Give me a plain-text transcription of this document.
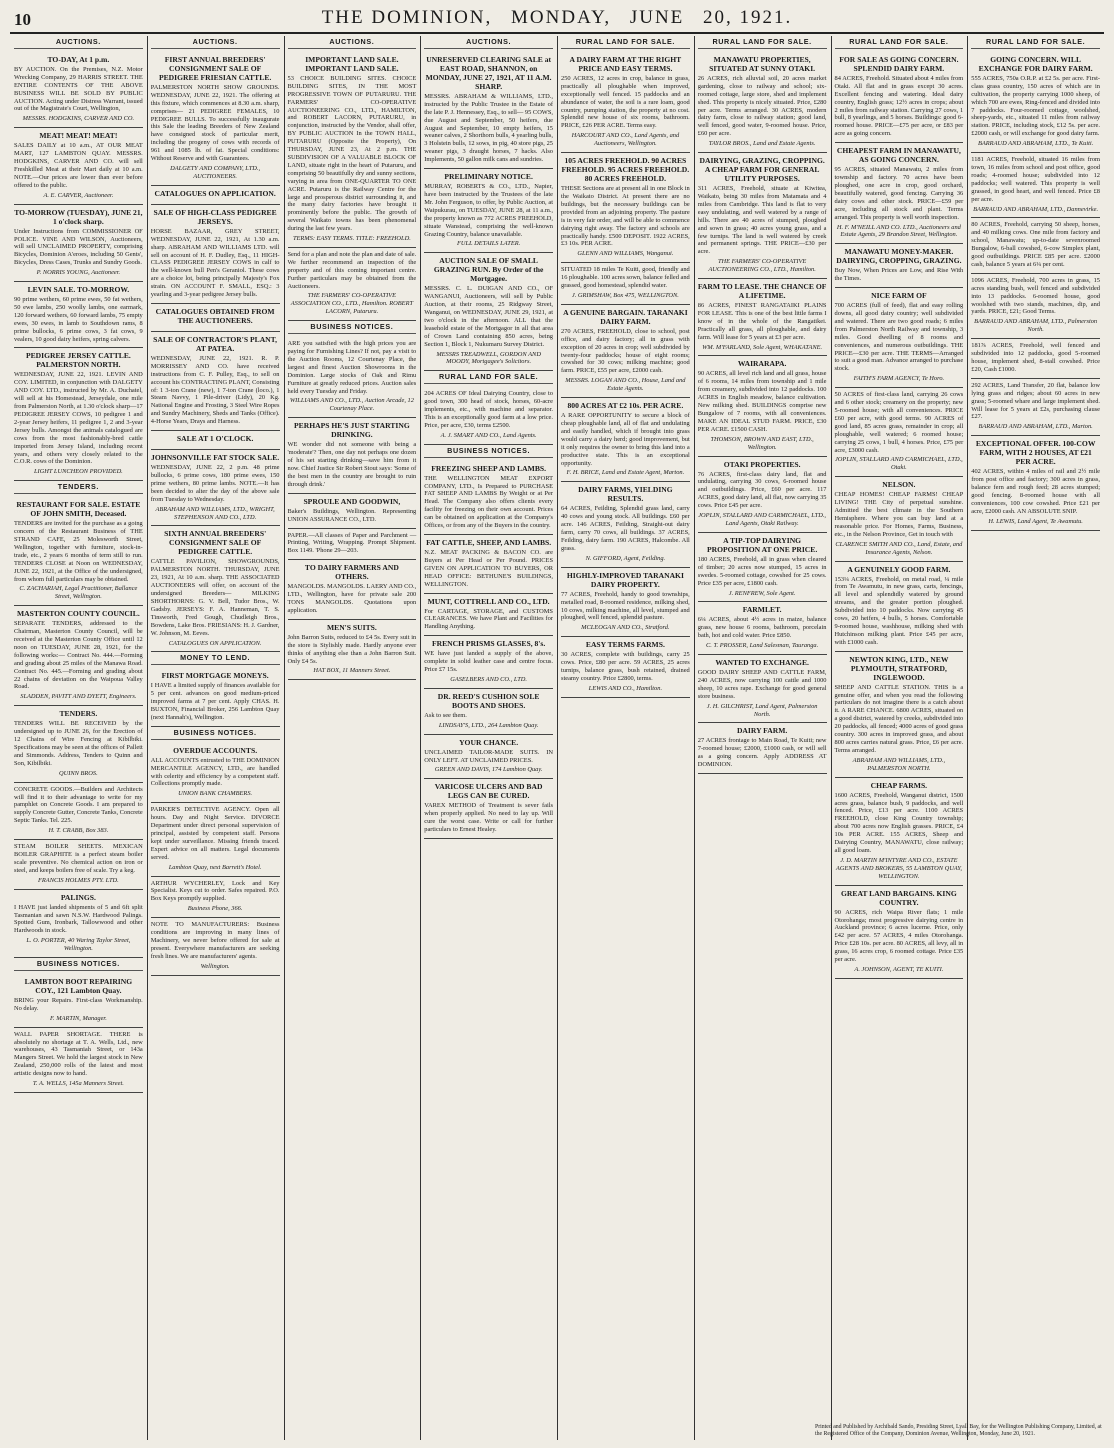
10	THE DOMINION, MONDAY, JUNE 20, 1921.
AUCTIONS.
TO-DAY, At 1 p.m.

BY AUCTION. On the Premises, N.Z. Motor Wrecking Company, 29 HARRIS STREET. THE ENTIRE CONTENTS OF THE ABOVE BUSINESS WILL BE SOLD BY PUBLIC AUCTION. Acting under Distress Warrant, issued out of the Magistrate's Court, Wellington,

MESSRS. HODGKINS, CARVER AND CO.
MEAT! MEAT! MEAT!

SALES DAILY at 10 a.m., AT OUR MEAT MART, 127 LAMBTON QUAY. MESSRS. HODGKINS, CARVER AND CO. will sell Freshkilled Meat at their Mart daily at 10 a.m. NOTE.—Our prices are lower than ever before offered to the public.

A. E. CARVER, Auctioneer.
TO-MORROW (TUESDAY), JUNE 21, 1 o'clock sharp.

Under Instructions from COMMISSIONER OF POLICE. VINE AND WILSON, Auctioneers, will sell UNCLAIMED PROPERTY, comprising Bicycles, Dominion A'eroes, including 50 Gents', Bicycles, Dress Cases, Trunks and Sundry Goods.

P. NORRIS YOUNG, Auctioneer.
LEVIN SALE. TO-MORROW.

90 prime wethers, 60 prime ewes, 50 fat wethers, 50 ewe lambs, 250 woolly lambs, one earmark, 120 forward wethers, 60 forward lambs, 75 empty ewes, 30 ewes, in lamb to Southdown rams, 8 prime bullocks, 6 prime cows, 3 fat cows, 9 vealers, 10 good dairy heifers, spring calvers.

PEDIGREE JERSEY CATTLE. PALMERSTON NORTH.

WEDNESDAY, JUNE 22, 1921. LEVIN AND COY. LIMITED, in conjunction with DALGETY AND COY. LTD., instructed by Mr. A. Duchatel, will sell at his Homestead, Jerseydale, one mile from Palmerston North, at 1.30 o'clock sharp—17 PEDIGREE JERSEY COWS, 10 pedigree 1 and 2-year Jersey heifers, 11 pedigree 1, 2 and 3-year Jersey bulls. Amongst the animals catalogued are cows from the most fashionably-bred cattle imported from Jersey Island, including recent years, and others very closely related to the C.O.R. cows of the Dominion.

LIGHT LUNCHEON PROVIDED.
TENDERS.
RESTAURANT FOR SALE. ESTATE OF JOHN SMITH, Deceased.

TENDERS are invited for the purchase as a going concern of the Restaurant Business of THE STRAND CAFE, 25 Molesworth Street, Wellington, together with furniture, stock-in-trade, etc., 2 years 6 months of term still to run. TENDERS CLOSE at Noon on WEDNESDAY, JUNE 22, 1921, at the Office of the undersigned, from whom full particulars may be obtained.

C. ZACHARIAH, Legal Practitioner, Ballance Street, Wellington.
MASTERTON COUNTY COUNCIL.

SEPARATE TENDERS, addressed to the Chairman, Masterton County Council, will be received at the Masterton County Office until 12 noon on TUESDAY, JUNE 28, 1921, for the following works:— Contract No. 444.—Forming and grading about 25 miles of the Manawa Road. Contract No. 445.—Forming and grading about 22 chains of deviation on the Waipoua Valley Road.

SLADDEN, PAVITT AND DYETT, Engineers.
TENDERS.

TENDERS WILL BE RECEIVED by the undersigned up to JUNE 26, for the Erection of 12 Chains of Wire Fencing at Kibilbiki. Specifications may be seen at the offices of Pallett and Simmonds. Address, Tenders to Quinn and Son, Kibilbiki.

QUINN BROS.

CONCRETE GOODS.—Builders and Architects will find it to their advantage to write for my pamphlet on Concrete Goods. I am prepared to supply Concrete Gutter, Concrete Tanks, Concrete Septic Tanks. Tel. 225.

H. T. CRABB, Box 383.

STEAM BOILER SHEETS. MEXICAN BOILER GRAPHITE is a perfect steam boiler scale preventive. No chemical action on iron or steel, and keeps boilers free of scale. Try a keg.

FRANCIS HOLMES PTY. LTD.
PALINGS.

I HAVE just landed shipments of 5 and 6ft split Tasmanian and sawn N.S.W. Hardwood Palings. Spotted Gum, Ironbark, Tallowwood and other Hardwoods in stock.

L. O. PORTER, 40 Waring Taylor Street, Wellington.
BUSINESS NOTICES.
LAMBTON BOOT REPAIRING COY., 121 Lambton Quay.

BRING your Repairs. First-class Workmanship. No delay.

F. MARTIN, Manager.

WALL PAPER SHORTAGE. THERE is absolutely no shortage at T. A. Wells, Ltd., new warehouses, 43 Tasmaniah Street, or 143a Mangers Street. We hold the largest stock in New Zealand, 250,000 rolls of the latest and most artistic designs now to hand.

T. A. WELLS, 145a Manners Street.
AUCTIONS.
FIRST ANNUAL BREEDERS' CONSIGNMENT SALE OF PEDIGREE FRIESIAN CATTLE.

PALMERSTON NORTH SHOW GROUNDS. WEDNESDAY, JUNE 22, 1921. The offering at this fixture, which commences at 8.30 a.m. sharp, comprises— 21 PEDIGREE FEMALES, 10 PEDIGREE BULLS. To successfully inaugurate this Sale the leading Breeders of New Zealand have consigned stock of particular merit, including the progeny of cows with records of 961 and 1085 lb. of fat. Special conditions: Without Reserve and with Guarantees.

DALGETY AND COMPANY, LTD., AUCTIONEERS.
CATALOGUES ON APPLICATION.
SALE OF HIGH-CLASS PEDIGREE JERSEYS.

HORSE BAZAAR, GREY STREET, WEDNESDAY, JUNE 22, 1921, At 1.30 a.m. sharp. ABRAHAM AND WILLIAMS LTD. will sell on account of H. F. Dudley, Esq., 11 HIGH-CLASS PEDIGREE JERSEY COWS in calf to the well-known bull Pen's Geraniol. These cows are a choice lot, being principally Majesty's Fox strain. ON ACCOUNT F. SMALL, ESQ.: 3 yearling and 3-year pedigree Jersey bulls.

CATALOGUES OBTAINED FROM THE AUCTIONEERS.
SALE OF CONTRACTOR'S PLANT, AT PATEA.

WEDNESDAY, JUNE 22, 1921. R. P. MORRISSEY AND CO. have received instructions from C. F. Pulley, Esq., to sell on account his CONTRACTING PLANT, Consisting of: 1 3-ton Crane (new), 1 7-ton Crane (loco.), 1 Steam Navvy, 1 Pile-driver (Lidy), 20 Kg. National Engine and Frosting, 3 Steel Wire Ropes and Sundry Machinery, Sheds and Tanks (Office). 4-Horse Years, Drays and Harness.

SALE AT 1 O'CLOCK.
JOHNSONVILLE FAT STOCK SALE.

WEDNESDAY, JUNE 22, 2 p.m. 48 prime bullocks, 6 prime cows, 180 prime ewes, 150 prime wethers, 80 prime lambs. NOTE.—It has been decided to alter the day of the above sale from Tuesday to Wednesday.

ABRAHAM AND WILLIAMS, LTD., WRIGHT, STEPHENSON AND CO., LTD.
SIXTH ANNUAL BREEDERS' CONSIGNMENT SALE OF PEDIGREE CATTLE.

CATTLE PAVILION, SHOWGROUNDS, PALMERSTON NORTH. THURSDAY, JUNE 23, 1921, At 10 a.m. sharp. THE ASSOCIATED AUCTIONEERS will offer, on account of the undersigned Breeders— MILKING SHORTHORNS: G. V. Bell, Tudor Bros., W. Gadsby. JERSEYS: F. A. Hanneman, T. S. Tinsworth, Fred Gough, Chudleigh Bros., Bowdens, Lake Bros. FRIESIANS: H. J. Gardner, W. Johnson, M. Eeves.

CATALOGUES ON APPLICATION.
MONEY TO LEND.
FIRST MORTGAGE MONEYS.

I HAVE a limited supply of finances available for 5 per cent. advances on good medium-priced improved farms at 7 per cent. Apply CHAS. H. BUXTON, Financial Broker, 256 Lambton Quay (next Hannah's), Wellington.

BUSINESS NOTICES.
OVERDUE ACCOUNTS.

ALL ACCOUNTS entrusted to THE DOMINION MERCANTILE AGENCY, LTD., are handled with celerity and efficiency by a competent staff. Collections promptly made.

UNION BANK CHAMBERS.

PARKER'S DETECTIVE AGENCY. Open all hours. Day and Night Service. DIVORCE Department under direct personal supervision of principal, assisted by competent staff. Persons kept under surveillance. Missing friends traced. Expert advice on all matters. Legal documents served.

Lambton Quay, next Barrett's Hotel.

ARTHUR WYCHERLEY, Lock and Key Specialist. Keys cut to order. Safes repaired. P.O. Box Keys promptly supplied.

Business Phone, 366.

NOTE TO MANUFACTURERS: Business conditions are improving in many lines of Machinery, we never before offered for sale at present. Everywhere manufacturers are seeking fresh lines. We are manufacturers' agents.

Wellington.
AUCTIONS.
IMPORTANT LAND SALE. IMPORTANT LAND SALE.

53 CHOICE BUILDING SITES. CHOICE BUILDING SITES, IN THE MOST PROGRESSIVE TOWN OF PUTARURU. THE FARMERS' CO-OPERATIVE AUCTIONEERING CO., LTD., HAMILTON, and ROBERT LACORN, PUTARURU, in conjunction, instructed by the Vendor, shall offer, BY PUBLIC AUCTION In the TOWN HALL, PUTARURU (Opposite the Property), On THURSDAY, JUNE 23, At 2 p.m. THE SUBDIVISION OF A VALUABLE BLOCK OF LAND, situate right in the heart of Putaruru, and comprising 50 beautifully dry and sunny sections, varying in area from ONE-QUARTER TO ONE ACRE. Putaruru is the Railway Centre for the large and prosperous district surrounding it, and the many dairy factories have brought it prominently before the public. The growth of several Waikato towns has been phenomenal during the last few years.

TERMS: EASY TERMS. TITLE: FREEHOLD.

Send for a plan and note the plan and date of sale. We further recommend an inspection of the property and of this coming important centre. Further particulars may be obtained from the Auctioneers.

THE FARMERS' CO-OPERATIVE ASSOCIATION CO., LTD., Hamilton. ROBERT LACORN, Putaruru.
BUSINESS NOTICES.

ARE you satisfied with the high prices you are paying for Furnishing Lines? If not, pay a visit to the Auction Rooms, 12 Courtenay Place, the largest and finest Auction Showrooms in the Dominion. Large stocks of Oak and Rimu Furniture at greatly reduced prices. Auction sales held every Tuesday and Friday.

WILLIAMS AND CO., LTD., Auction Arcade, 12 Courtenay Place.
PERHAPS HE'S JUST STARTING DRINKING.

WE wonder did not someone with being a 'moderate'? Then, one day not perhaps one dozen of his set starting drinking—save him from it now. Chief Justice Sir Robert Stout says: 'Some of the best men in the country are brought to ruin through drink.'

SPROULE AND GOODWIN,

Baker's Buildings, Wellington. Representing UNION ASSURANCE CO., LTD.

PAPER.—All classes of Paper and Parchment — Printing, Writing, Wrapping. Prompt Shipment. Box 1149. 'Phone 29—203.

TO DAIRY FARMERS AND OTHERS.

MANGOLDS. MANGOLDS. LAERY AND CO., LTD., Wellington, have for private sale 200 TONS MANGOLDS. Quotations upon application.

MEN'S SUITS.

John Barron Suits, reduced to £4 5s. Every suit in the store is Stylishly made. Hardly anyone ever thinks of anything else than a John Barron Suit. Only £4 5s.

HAT BOX, 11 Manners Street.
AUCTIONS.
UNRESERVED CLEARING SALE at EAST ROAD, SHANNON, on MONDAY, JUNE 27, 1921, AT 11 A.M. SHARP.

MESSRS. ABRAHAM & WILLIAMS, LTD., instructed by the Public Trustee in the Estate of the late P. J. Hennessey, Esq., to sell— 95 COWS, due August and September, 50 heifers, due August and September, 10 empty heifers, 15 weaner calves, 2 Shorthorn bulls, 4 yearling bulls, 3 Holstein bulls, 12 sows, in pig, 40 store pigs, 25 weaner pigs, 3 draught horses, 7 hacks. Also Implements, 50 gallon milk cans and sundries.

PRELIMINARY NOTICE.

MURRAY, ROBERTS & CO., LTD., Napier, have been instructed by the Trustees of the late Mr. John Ferguson, to offer, by Public Auction, at Waipukurau, on TUESDAY, JUNE 28, at 11 a.m., the property known as 772 ACRES FREEHOLD, situate Wanstead, comprising the well-known Grazing Country, balance unavailable.

FULL DETAILS LATER.
AUCTION SALE OF SMALL GRAZING RUN. By Order of the Mortgagee.

MESSRS. C. L. DUIGAN AND CO., OF WANGANUI, Auctioneers, will sell by Public Auction, at their rooms, 25 Ridgway Street, Wanganui, on WEDNESDAY, JUNE 29, 1921, at two o'clock in the afternoon. ALL that the leasehold estate of the Mortgagor in all that area of Crown Land containing 850 acres, being Section 1, Block 1, Nukumaru Survey District.

MESSRS TREADWELL, GORDON AND MOODY, Mortgagee's Solicitors.
RURAL LAND FOR SALE.

204 ACRES OF Ideal Dairying Country, close to good town, 300 head of stock, horses, 60-acre implements, etc., with machine and separator. This is an exceptionally good farm at a low price. Price, per acre, £30, terms £2500.

A. J. SMART AND CO., Land Agents.
BUSINESS NOTICES.
FREEZING SHEEP AND LAMBS.

THE WELLINGTON MEAT EXPORT COMPANY, LTD., Is Prepared to PURCHASE FAT SHEEP AND LAMBS By Weight or at Per Head. The Company also offers clients every facility for freezing on their own account. Prices can be obtained on application at the Company's Offices, or from any of the Buyers in the country.

FAT CATTLE, SHEEP, AND LAMBS.

N.Z. MEAT PACKING & BACON CO. are Buyers at Per Head or Per Pound. PRICES GIVEN ON APPLICATION TO BUYERS, OR HEAD OFFICE: BETHUNE'S BUILDINGS, WELLINGTON.

MUNT, COTTRELL AND CO., LTD.

For CARTAGE, STORAGE, and CUSTOMS CLEARANCES. We have Plant and Facilities for Handling Anything.

FRENCH PRISMS GLASSES, 8's.

WE have just landed a supply of the above, complete in solid leather case and centre focus. Price £7 15s.

GASELBERS AND CO., LTD.
DR. REED'S CUSHION SOLE BOOTS AND SHOES.

Ask to see them.

LINDSAY'S, LTD., 264 Lambton Quay.
YOUR CHANCE.

UNCLAIMED TAILOR-MADE SUITS. IN ONLY LEFT. AT UNCLAIMED PRICES.

GREEN AND DAVIS, 174 Lambton Quay.
VARICOSE ULCERS AND BAD LEGS CAN BE CURED.

VAREX METHOD of Treatment is sever fails when properly applied. No need to lay up. Will cure the worst case. Write or call for further particulars to Ernest Healey.

RURAL LAND FOR SALE.
A DAIRY FARM AT THE RIGHT PRICE AND EASY TERMS.

250 ACRES, 12 acres in crop, balance in grass, practically all ploughable when improved, exceptionally well fenced. 15 paddocks and an abundance of water, the soil is a rare loam, good country, pumping station, the property at no cost. Splendid new house of six rooms, bathroom. PRICE, £26 PER ACRE. Terms easy.

HARCOURT AND CO., Land Agents, and Auctioneers, Wellington.
105 ACRES FREEHOLD. 90 ACRES FREEHOLD. 95 ACRES FREEHOLD. 80 ACRES FREEHOLD.

THESE Sections are at present all in one Block in the Waikato District. At present there are no buildings, but the necessary buildings can be provided from an adjoining property. The pasture is in very fair order, and will be able to commence dairying right away. The factory and schools are practically handy. £500 DEPOSIT. 1922 ACRES, £3 10s. PER ACRE.

GLENN AND WILLIAMS, Wanganui.

SITUATED 18 miles Te Kuiti, good, friendly and 16 ploughable. 100 acres sown, balance felled and grassed, good homestead, splendid water.

J. GRIMSHAW, Box 475, WELLINGTON.
A GENUINE BARGAIN. TARANAKI DAIRY FARM.

270 ACRES, FREEHOLD, close to school, post office, and dairy factory; all in grass with exception of 20 acres in crop; well subdivided by twenty-four paddocks; house of eight rooms; cowshed for 30 cows; milking machine; good farm. PRICE, £55 per acre, £2000 cash.

MESSRS. LOGAN AND CO., House, Land and Estate Agents.
800 ACRES AT £2 10s. PER ACRE.

A RARE OPPORTUNITY to secure a block of cheap ploughable land, all of flat and undulating and easily handled, which if brought into grass would carry a dairy herd; good improvement, but it only requires the owner to bring this land into a productive state. This is an exceptional opportunity.

F. H. BRICE, Land and Estate Agent, Marton.
DAIRY FARMS, YIELDING RESULTS.

64 ACRES, Feilding, Splendid grass land, carry 40 cows and young stock. All buildings. £60 per acre. 146 ACRES, Feilding, Straight-out dairy farm, carry 70 cows, all buildings. 37 ACRES, Feilding, dairy farm. 190 ACRES, Halcombe. All grass.

N. GIFFORD, Agent, Feilding.
HIGHLY-IMPROVED TARANAKI DAIRY PROPERTY.

77 ACRES, Freehold, handy to good townships, metalled road, 8-roomed residence, milking shed, 10 cows, milking machine, all level, stumped and ploughed, well fenced, splendid pasture.

MCLEOGAN AND CO., Stratford.
EASY TERMS FARMS.

30 ACRES, complete with buildings, carry 25 cows. Price, £80 per acre. 59 ACRES, 25 acres turnips, balance grass, bush retained, drained steamy country. Price £2800, terms.

LEWIS AND CO., Hamilton.
RURAL LAND FOR SALE.
MANAWATU PROPERTIES, SITUATED AT SUNNY OTAKI.

26 ACRES, rich alluvial soil, 20 acres market gardening, close to railway and school; six-roomed cottage, large store, shed and implement shed. This property is nicely situated. Price, £280 per acre. Terms arranged. 30 ACRES, modern dairy farm, close to railway station; good land, well fenced, good water, 9-roomed house. Price, £60 per acre.

TAYLOR BROS., Land and Estate Agents.
DAIRYING, GRAZING, CROPPING. A CHEAP FARM FOR GENERAL UTILITY PURPOSES.

311 ACRES, Freehold, situate at Kiwitea, Waikato, being 30 miles from Matamata and 4 miles from Cambridge. This land is flat to very easy undulating, and well watered by a range of hills. There are 40 acres of stumped, ploughed and sown in grass; 40 acres young grass, and a few turnips. The land is well watered by creek and permanent springs. THE PRICE—£30 per acre.

THE FARMERS' CO-OPERATIVE AUCTIONEERING CO., LTD., Hamilton.
FARM TO LEASE. THE CHANCE OF A LIFETIME.

86 ACRES, FINEST RANGATAIKI PLAINS FOR LEASE. This is one of the best little farms I know of in the whole of the Rangatikei. Practically all grass, all ploughable, and dairy farm. Will lease for 5 years at £3 per acre.

WM. M'FARLAND, Sole Agent, WHAKATANE.
WAIRARAPA.

90 ACRES, all level rich land and all grass, house of 6 rooms, 14 miles from township and 1 mile from creamery, subdivided into 12 paddocks. 100 ACRES in English meadow, balance cultivation. New milking shed. BUILDINGS comprise new Bungalow of 7 rooms, with all conveniences. MAKE AN IDEAL STUD FARM. PRICE, £30 PER ACRE. £1500 CASH.

THOMSON, BROWN AND EAST, LTD., Wellington.
OTAKI PROPERTIES.

76 ACRES, first-class dairy land, flat and undulating, carrying 30 cows, 6-roomed house and outbuildings. Price, £60 per acre. 117 ACRES, good dairy land, all flat, now carrying 35 cows. Price £45 per acre.

JOPLIN, STALLARD AND CARMICHAEL, LTD., Land Agents, Otaki Railway.
A TIP-TOP DAIRYING PROPOSITION AT ONE PRICE.

180 ACRES, Freehold, all in grass when cleared of timber; 20 acres now stumped, 15 acres in swedes. 5-roomed cottage, cowshed for 25 cows. Price £35 per acre, £1800 cash.

J. RENFREW, Sole Agent.
FARMLET.

6¼ ACRES, about 4½ acres in maize, balance grass, new house 6 rooms, bathroom, porcelain bath, hot and cold water. Price £850.

C. T. PROSSER, Land Salesman, Tauranga.
WANTED TO EXCHANGE.

GOOD DAIRY SHEEP AND CATTLE FARM, 240 ACRES, now carrying 100 cattle and 1000 sheep, 10 acres rape. Exchange for good general store business.

J. H. GILCHRIST, Land Agent, Palmerston North.
DAIRY FARM.

27 ACRES frontage to Main Road, Te Kuiti; new 7-roomed house; £2000, £1000 cash, or will sell as a going concern. Apply ADDRESS AT DOMINION.

RURAL LAND FOR SALE.
FOR SALE AS GOING CONCERN. SPLENDID DAIRY FARM.

84 ACRES, Freehold. Situated about 4 miles from Otaki. All flat and in grass except 30 acres. Excellent fencing and watering. Ideal dairy country, English grass; 12½ acres in crops; about 2 miles from railway station. Carrying 27 cows, 1 bull, 8 yearlings, and 5 horses. Buildings: good 6-roomed house. PRICE—£75 per acre, or £83 per acre as going concern.

CHEAPEST FARM IN MANAWATU, AS GOING CONCERN.

95 ACRES, situated Manawatu, 2 miles from township and factory. 70 acres have been ploughed, one acre in crop, good orchard, beautifully watered, good fencing. Carrying 36 dairy cows and other stock. PRICE—£59 per acre, including all stock and plant. Terms arranged. This property is well worth inspection.

H. F. M'NEILL AND CO. LTD., Auctioneers and Estate Agents, 29 Brandon Street, Wellington.
MANAWATU MONEY-MAKER. DAIRYING, CROPPING, GRAZING.

Buy Now, When Prices are Low, and Rise With the Times.

NICE FARM OF

700 ACRES (full of feed), flat and easy rolling downs, all good dairy country; well subdivided and watered. There are two good roads; 6 miles from Palmerston North Railway and township, 3 miles. Good dwelling of 8 rooms and conveniences, and numerous outbuildings. THE PRICE—£30 per acre. THE TERMS—Arranged to suit a good man. Advance arranged to purchase stock.

FAITH'S FARM AGENCY, Te Horo.

50 ACRES of first-class land, carrying 26 cows and 6 other stock; creamery on the property; new 5-roomed house; with all conveniences. PRICE £60 per acre, with good terms. 90 ACRES of good land, 85 acres grass, remainder in crop; all ploughable, well watered; 6 roomed house; carrying 25 cows, 1 bull, 4 horses. Price, £75 per acre, £3000 cash.

JOPLIN, STALLARD AND CARMICHAEL, LTD., Otaki.
NELSON.

CHEAP HOMES! CHEAP FARMS! CHEAP LIVING! THE City of perpetual sunshine. Admitted the best climate in the Southern Hemisphere. Where you can buy land at a reasonable price. For Homes, Farms, Business, etc., in the Nelson Province, Get in touch with

CLARENCE SMITH AND CO., Land, Estate, and Insurance Agents, Nelson.
A GENUINELY GOOD FARM.

153¼ ACRES, Freehold, on metal road, ¼ mile from Te Awamutu, in new grass, carts, fencings, all level and splendidly watered by ground streams, and the greater portion ploughed. Subdivided into 10 paddocks. Now carrying 45 cows, 20 heifers, 4 bulls, 5 horses. Comfortable 9-roomed house, washhouse, milking shed with Hutchinson milking plant. Price £45 per acre, with £1000 cash.

NEWTON KING, LTD., NEW PLYMOUTH, STRATFORD, INGLEWOOD.

SHEEP AND CATTLE STATION. THIS is a genuine offer, and when you read the following particulars do not imagine there is a catch about it. A RARE CHANCE. 6800 ACRES, situated on a good district, watered by creeks, subdivided into 20 paddocks, all fenced; 4000 acres of good grass country. 300 acres in improved grass, and about 800 acres carries natural grass. Price, £6 per acre. Terms arranged.

ABRAHAM AND WILLIAMS, LTD., PALMERSTON NORTH.
CHEAP FARMS.

1600 ACRES, Freehold, Wanganui district, 1500 acres grass, balance bush, 9 paddocks, and well fenced. Price, £13 per acre. 1100 ACRES FREEHOLD, close King Country township; about 700 acres now English grasses. PRICE, £4 10s PER ACRE. 155 ACRES, Sheep and Dairying Country, MANAWATU, close railway; all good loam.

J. D. MARTIN M'INTYRE AND CO., ESTATE AGENTS AND BROKERS, 55 LAMBTON QUAY, WELLINGTON.
GREAT LAND BARGAINS. KING COUNTRY.

90 ACRES, rich Waipa River flats; 1 mile Otorohanga; most progressive dairying centre in Auckland province; 6 acres lucerne. Price, only £42 per acre. 57 ACRES, 4 miles Otorohanga. Price £28 10s. per acre. 80 ACRES, all levy, all in grass, 16 acres crop, 6 roomed cottage. Price £35 per acre.

A. JOHNSON, AGENT, TE KUITI.
RURAL LAND FOR SALE.
GOING CONCERN. WILL EXCHANGE FOR DAIRY FARM.

555 ACRES, 750a O.R.P. at £2 5s. per acre. First-class grass country, 150 acres of which are in cultivation, the property carrying 1000 sheep, of which 700 are ewes, Ring-fenced and divided into 7 paddocks. Four-roomed cottage, woolshed, sheep-yards, etc., situated 11 miles from railway station. PRICE, including stock, £12 5s. per acre. £2000 cash, or will exchange for good dairy farm.

BARRAUD AND ABRAHAM, LTD., Te Kuiti.

1181 ACRES, Freehold, situated 16 miles from town, 16 miles from school and post office, good roads; 4-roomed house; subdivided into 12 paddocks; well watered. This property is well grassed, in good heart, and well fenced. Price £8 per acre.

BARRAUD AND ABRAHAM, LTD., Dannevirke.

80 ACRES, Freehold, carrying 50 sheep, horses, and 40 milking cows. One mile from factory and school, Manawatu; up-to-date sevenroomed Bungalow, 6-ball cowshed, 6-cow Simplex plant, good outbuildings. PRICE £85 per acre. £2000 cash, balance 5 years at 6¼ per cent.

1096 ACRES, Freehold, 700 acres in grass, 15 acres standing bush, well fenced and subdivided into 13 paddocks. 6-roomed house, good woolshed with two stands, machines, dip, and yards. PRICE, £21; Good Terms.

BARRAUD AND ABRAHAM, LTD., Palmerston North.

181⅞ ACRES, Freehold, well fenced and subdivided into 12 paddocks, good 5-roomed house, implement shed, 8-stall cowshed. Price £20, Cash £1000.

292 ACRES, Land Transfer, 20 flat, balance low lying grass and ridges; about 60 acres in new grass; 5-roomed whare and large implement shed. Will lease for 5 years at £2s, purchasing clause £27.

BARRAUD AND ABRAHAM, LTD., Marton.
EXCEPTIONAL OFFER. 100-COW FARM, WITH 2 HOUSES, AT £21 PER ACRE.

402 ACRES, within 4 miles of rail and 2½ mile from post office and factory; 300 acres in grass, balance fern and rough feed; 28 acres stumped; good fencing. 8-roomed house with all conveniences, 100 cow cowshed. Price £21 per acre, £2000 cash. AN ABSOLUTE SNIP.

H. LEWIS, Land Agent, Te Awamutu.
Printed and Published by Archibald Sando, Presiding Street, Lyall Bay, for the Wellington Publishing Company, Limited, at the Registered Office of the Company, Dominion Avenue, Wellington, Monday, June 20, 1921.
